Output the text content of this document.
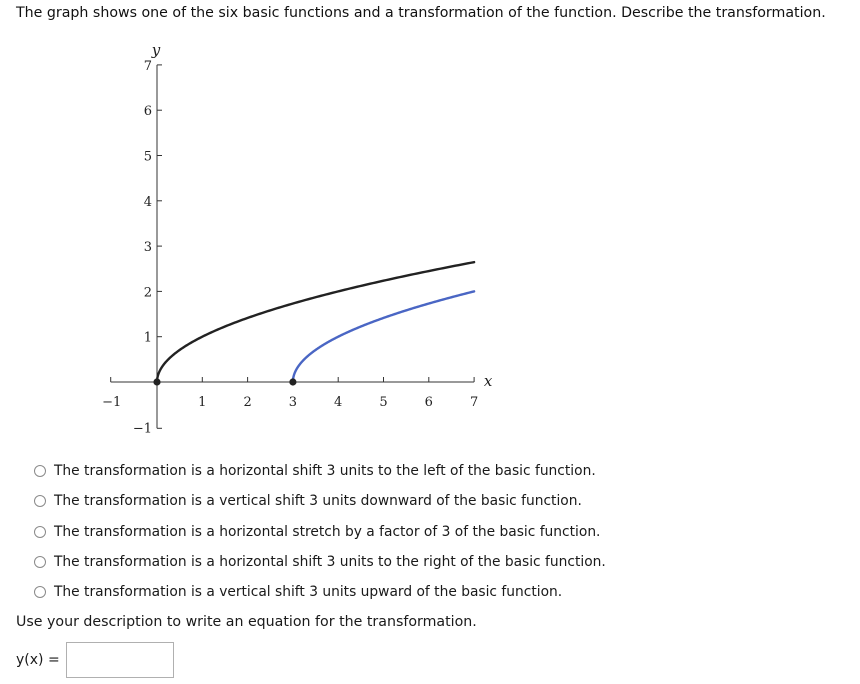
The graph shows one of the six basic functions and a transformation of the function. Describe the transformation.
−1	1	2	3	4	5	6	7
−1
1
2
3
4
5
6
7
x
y
The transformation is a horizontal shift 3 units to the left of the basic function.
The transformation is a vertical shift 3 units downward of the basic function.
The transformation is a horizontal stretch by a factor of 3 of the basic function.
The transformation is a horizontal shift 3 units to the right of the basic function.
The transformation is a vertical shift 3 units upward of the basic function.
Use your description to write an equation for the transformation.
y(x) =
